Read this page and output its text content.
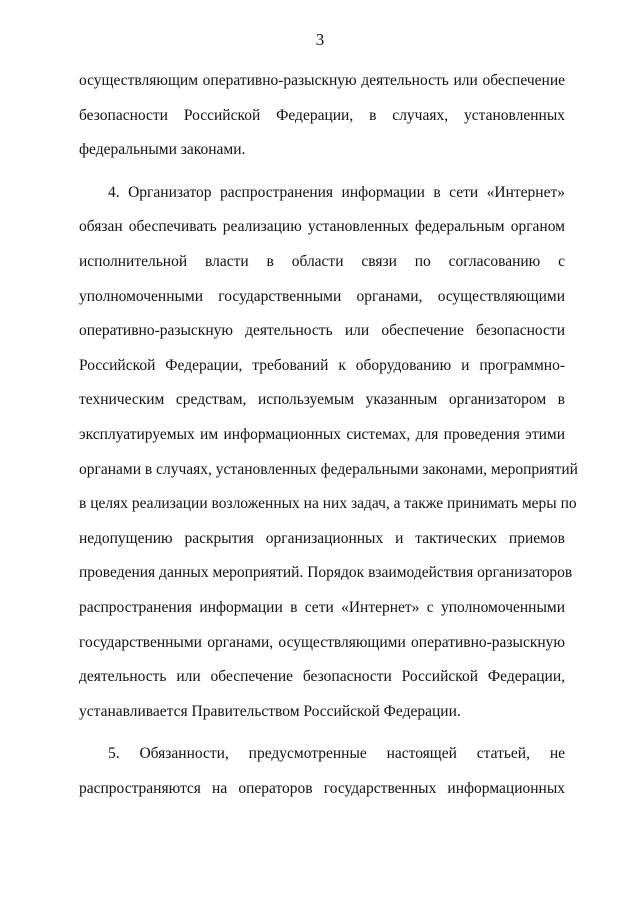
3

осуществляющим оперативно-разыскную деятельность или обеспечение
безопасности Российской Федерации, в случаях, установленных
федеральными законами.

4. Организатор распространения информации в сети «Интернет»
обязан обеспечивать реализацию установленных федеральным органом
исполнительной власти в области связи по согласованию с
уполномоченными государственными органами, осуществляющими
оперативно-разыскную деятельность или обеспечение безопасности
Российской Федерации, требований к оборудованию и программно-
техническим средствам, используемым указанным организатором в
эксплуатируемых им информационных системах, для проведения этими
органами в случаях, установленных федеральными законами, мероприятий
в целях реализации возложенных на них задач, а также принимать меры по
недопущению раскрытия организационных и тактических приемов
проведения данных мероприятий. Порядок взаимодействия организаторов
распространения информации в сети «Интернет» с уполномоченными
государственными органами, осуществляющими оперативно-разыскную
деятельность или обеспечение безопасности Российской Федерации,
устанавливается Правительством Российской Федерации.

5. Обязанности, предусмотренные настоящей статьей, не
распространяются на операторов государственных информационных
